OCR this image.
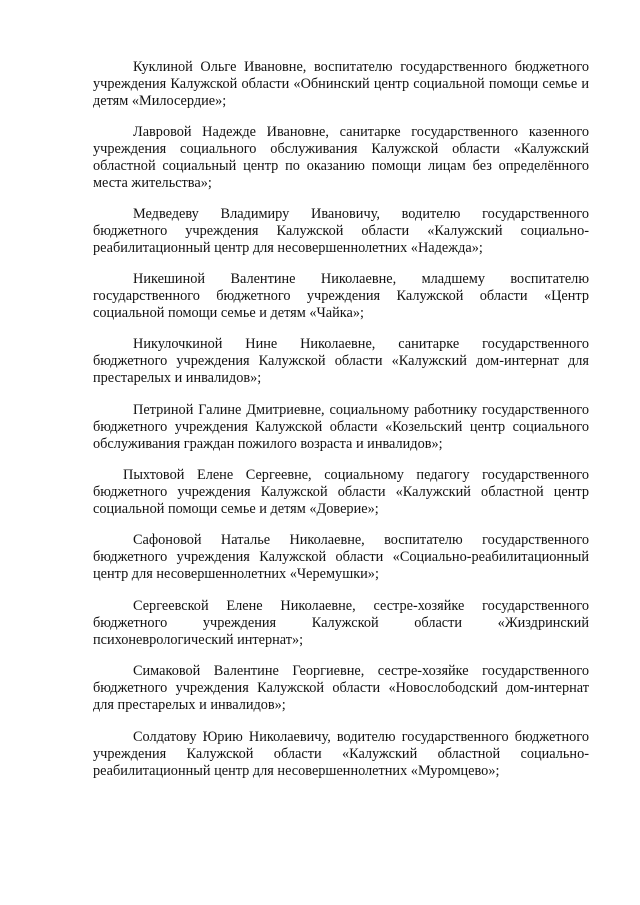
Куклиной Ольге Ивановне, воспитателю государственного бюджетного учреждения Калужской области «Обнинский центр социальной помощи семье и детям «Милосердие»;

Лавровой Надежде Ивановне, санитарке государственного казенного учреждения социального обслуживания Калужской области «Калужский областной социальный центр по оказанию помощи лицам без определённого места жительства»;

Медведеву Владимиру Ивановичу, водителю государственного бюджетного учреждения Калужской области «Калужский социально-реабилитационный центр для несовершеннолетних «Надежда»;

Никешиной Валентине Николаевне, младшему воспитателю государственного бюджетного учреждения Калужской области «Центр социальной помощи семье и детям «Чайка»;

Никулочкиной Нине Николаевне, санитарке государственного бюджетного учреждения Калужской области «Калужский дом-интернат для престарелых и инвалидов»;

Петриной Галине Дмитриевне, социальному работнику государственного бюджетного учреждения Калужской области «Козельский центр социального обслуживания граждан пожилого возраста и инвалидов»;

Пыхтовой Елене Сергеевне, социальному педагогу государственного бюджетного учреждения Калужской области «Калужский областной центр социальной помощи семье и детям «Доверие»;

Сафоновой Наталье Николаевне, воспитателю государственного бюджетного учреждения Калужской области «Социально-реабилитационный центр для несовершеннолетних «Черемушки»;

Сергеевской Елене Николаевне, сестре-хозяйке государственного бюджетного учреждения Калужской области «Жиздринский психоневрологический интернат»;

Симаковой Валентине Георгиевне, сестре-хозяйке государственного бюджетного учреждения Калужской области «Новослободский дом-интернат для престарелых и инвалидов»;

Солдатову Юрию Николаевичу, водителю государственного бюджетного учреждения Калужской области «Калужский областной социально-реабилитационный центр для несовершеннолетних «Муромцево»;
